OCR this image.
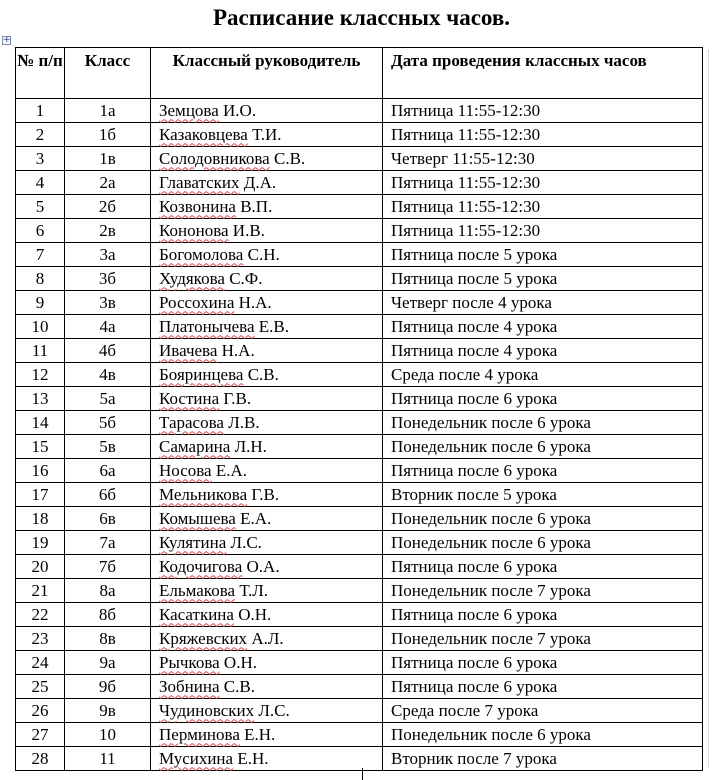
Расписание классных часов.
+
№ п/п	Класс	Классный руководитель	Дата проведения классных часов
1	1а	Земцова И.О.	Пятница 11:55-12:30
2	1б	Казаковцева Т.И.	Пятница 11:55-12:30
3	1в	Солодовникова С.В.	Четверг 11:55-12:30
4	2а	Главатских Д.А.	Пятница 11:55-12:30
5	2б	Козвонина В.П.	Пятница 11:55-12:30
6	2в	Кононова И.В.	Пятница 11:55-12:30
7	3а	Богомолова С.Н.	Пятница после 5 урока
8	3б	Худякова С.Ф.	Пятница после 5 урока
9	3в	Россохина Н.А.	Четверг после 4 урока
10	4а	Платонычева Е.В.	Пятница после 4 урока
11	4б	Ивачева Н.А.	Пятница после 4 урока
12	4в	Бояринцева С.В.	Среда после 4 урока
13	5а	Костина Г.В.	Пятница после 6 урока
14	5б	Тарасова Л.В.	Понедельник после 6 урока
15	5в	Самарина Л.Н.	Понедельник после 6 урока
16	6а	Носова Е.А.	Пятница после 6 урока
17	6б	Мельникова Г.В.	Вторник после 5 урока
18	6в	Комышева Е.А.	Понедельник после 6 урока
19	7а	Кулятина Л.С.	Понедельник после 6 урока
20	7б	Кодочигова О.А.	Пятница после 6 урока
21	8а	Ельмакова Т.Л.	Понедельник после 7 урока
22	8б	Касаткина О.Н.	Пятница после 6 урока
23	8в	Кряжевских А.Л.	Понедельник после 7 урока
24	9а	Рычкова О.Н.	Пятница после 6 урока
25	9б	Зобнина С.В.	Пятница после 6 урока
26	9в	Чудиновских Л.С.	Среда после 7 урока
27	10	Перминова Е.Н.	Понедельник после 6 урока
28	11	Мусихина Е.Н.	Вторник после 7 урока
